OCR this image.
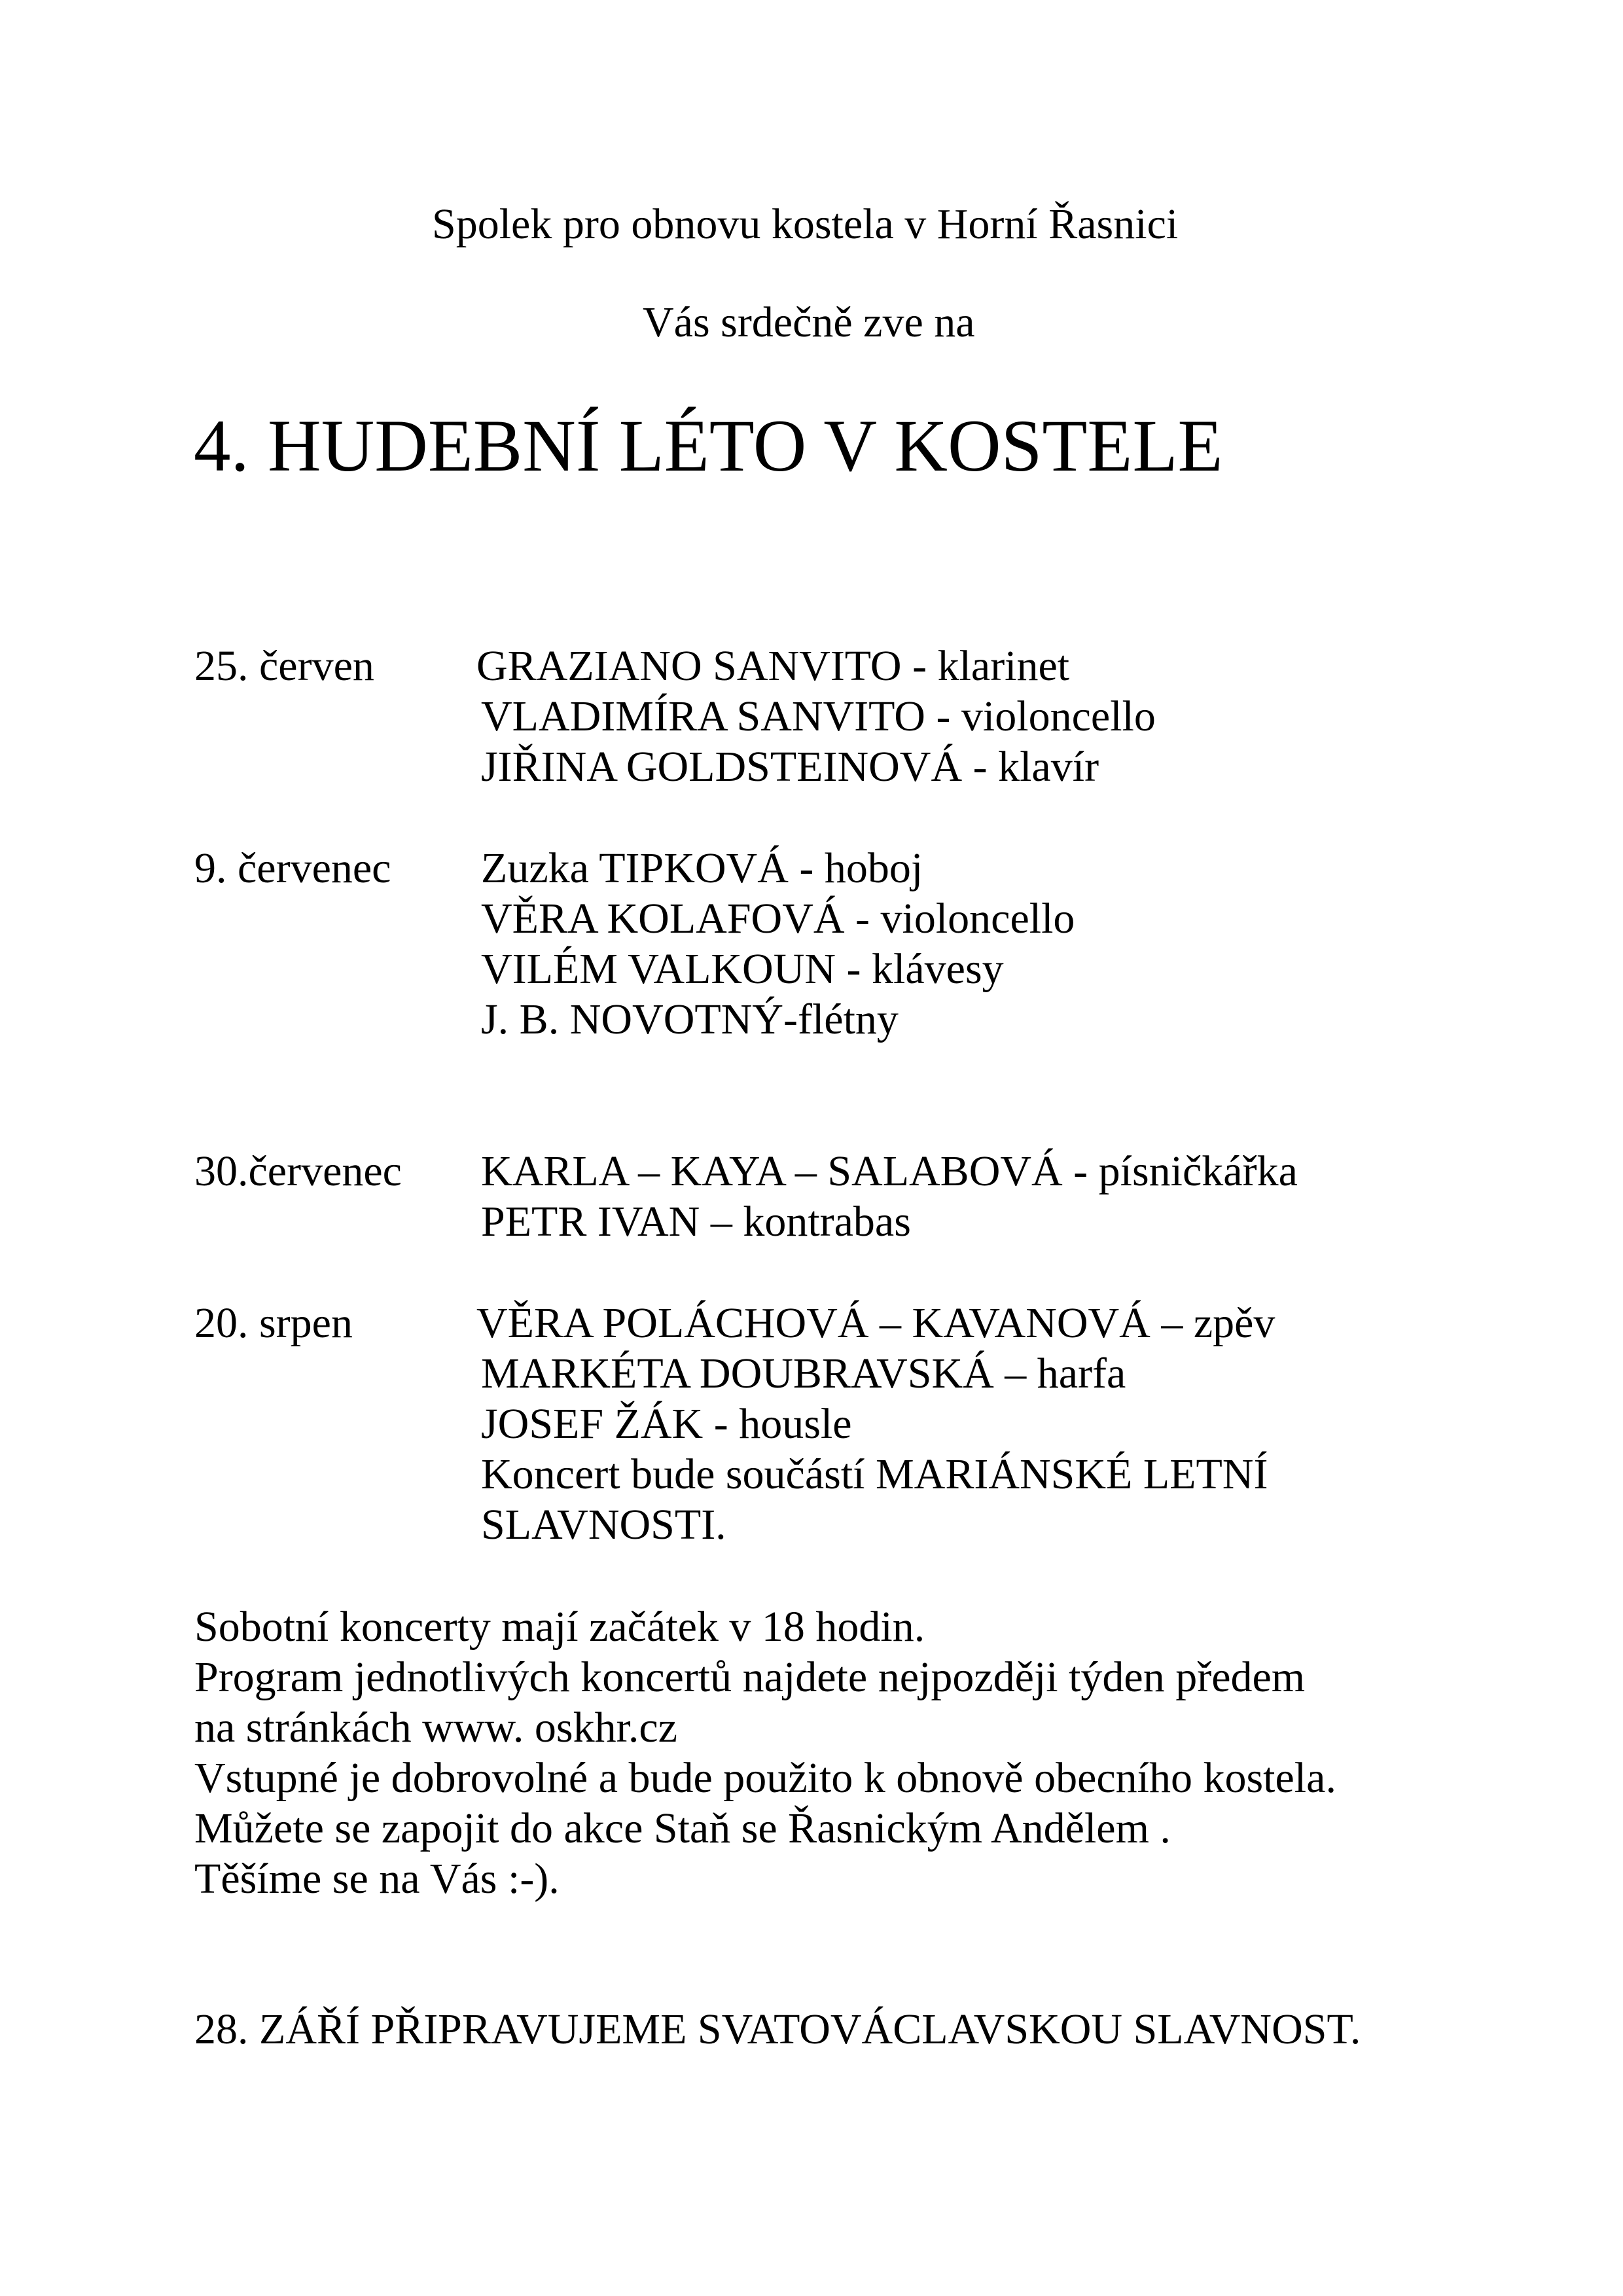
Spolek pro obnovu kostela v Horní Řasnici
Vás srdečně zve na
4. HUDEBNÍ LÉTO V KOSTELE
25. červen GRAZIANO SANVITO - klarinet
VLADIMÍRA SANVITO - violoncello
JIŘINA GOLDSTEINOVÁ - klavír
9. červenec Zuzka TIPKOVÁ - hoboj
VĚRA KOLAFOVÁ - violoncello
VILÉM VALKOUN - klávesy
J. B. NOVOTNÝ-flétny
30.červenec KARLA – KAYA – SALABOVÁ - písničkářka
PETR IVAN – kontrabas
20. srpen	VĚRA POLÁCHOVÁ – KAVANOVÁ – zpěv
MARKÉTA DOUBRAVSKÁ – harfa
JOSEF ŽÁK - housle
Koncert bude součástí MARIÁNSKÉ LETNÍ
SLAVNOSTI.
Sobotní koncerty mají začátek v 18 hodin.
Program jednotlivých koncertů najdete nejpozději týden předem
na stránkách www. oskhr.cz
Vstupné je dobrovolné a bude použito k obnově obecního kostela.
Můžete se zapojit do akce Staň se Řasnickým Andělem .
Těšíme se na Vás :-).
28. ZÁŘÍ PŘIPRAVUJEME SVATOVÁCLAVSKOU SLAVNOST.
